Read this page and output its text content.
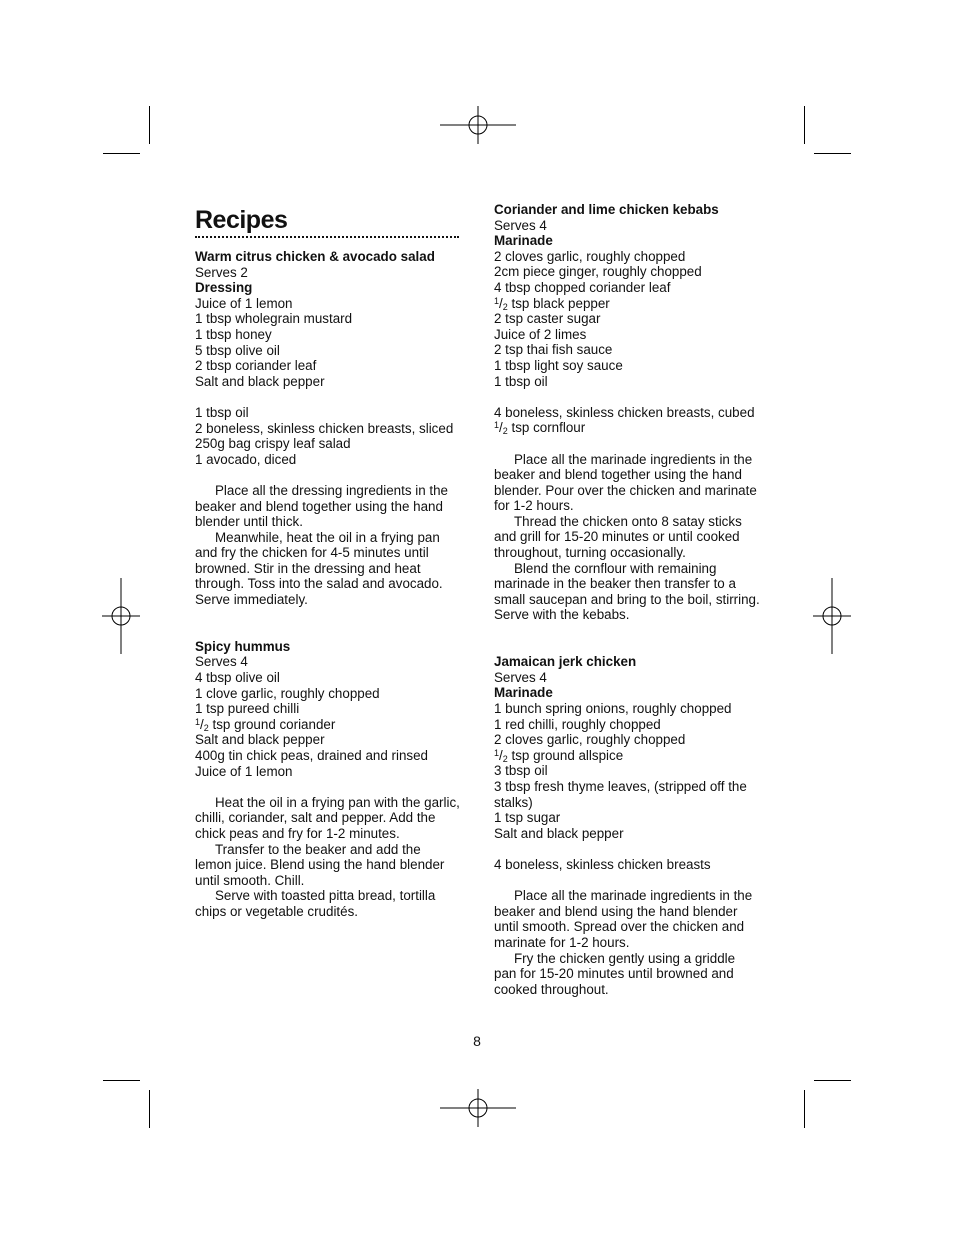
Recipes
Warm citrus chicken & avocado salad
Serves 2
Dressing
Juice of 1 lemon
1 tbsp wholegrain mustard
1 tbsp honey
5 tbsp olive oil
2 tbsp coriander leaf
Salt and black pepper
1 tbsp oil
2 boneless, skinless chicken breasts, sliced
250g bag crispy leaf salad
1 avocado, diced
Place all the dressing ingredients in the beaker and blend together using the hand blender until thick.
Meanwhile, heat the oil in a frying pan and fry the chicken for 4-5 minutes until browned. Stir in the dressing and heat through. Toss into the salad and avocado. Serve immediately.
Spicy hummus
Serves 4
4 tbsp olive oil
1 clove garlic, roughly chopped
1 tsp pureed chilli
$^1/_2$ tsp ground coriander
Salt and black pepper
400g tin chick peas, drained and rinsed
Juice of 1 lemon
Heat the oil in a frying pan with the garlic, chilli, coriander, salt and pepper. Add the chick peas and fry for 1-2 minutes.
Transfer to the beaker and add the lemon juice. Blend using the hand blender until smooth. Chill.
Serve with toasted pitta bread, tortilla chips or vegetable crudités.
Coriander and lime chicken kebabs
Serves 4
Marinade
2 cloves garlic, roughly chopped
2cm piece ginger, roughly chopped
4 tbsp chopped coriander leaf
$^1/_2$ tsp black pepper
2 tsp caster sugar
Juice of 2 limes
2 tsp thai fish sauce
1 tbsp light soy sauce
1 tbsp oil
4 boneless, skinless chicken breasts, cubed
$^1/_2$ tsp cornflour
Place all the marinade ingredients in the beaker and blend together using the hand blender. Pour over the chicken and marinate for 1-2 hours.
Thread the chicken onto 8 satay sticks and grill for 15-20 minutes or until cooked throughout, turning occasionally.
Blend the cornflour with remaining marinade in the beaker then transfer to a small saucepan and bring to the boil, stirring. Serve with the kebabs.
Jamaican jerk chicken
Serves 4
Marinade
1 bunch spring onions, roughly chopped
1 red chilli, roughly chopped
2 cloves garlic, roughly chopped
$^1/_2$ tsp ground allspice
3 tbsp oil
3 tbsp fresh thyme leaves, (stripped off the stalks)
1 tsp sugar
Salt and black pepper
4 boneless, skinless chicken breasts
Place all the marinade ingredients in the beaker and blend using the hand blender until smooth. Spread over the chicken and marinate for 1-2 hours.
Fry the chicken gently using a griddle pan for 15-20 minutes until browned and cooked throughout.
8
